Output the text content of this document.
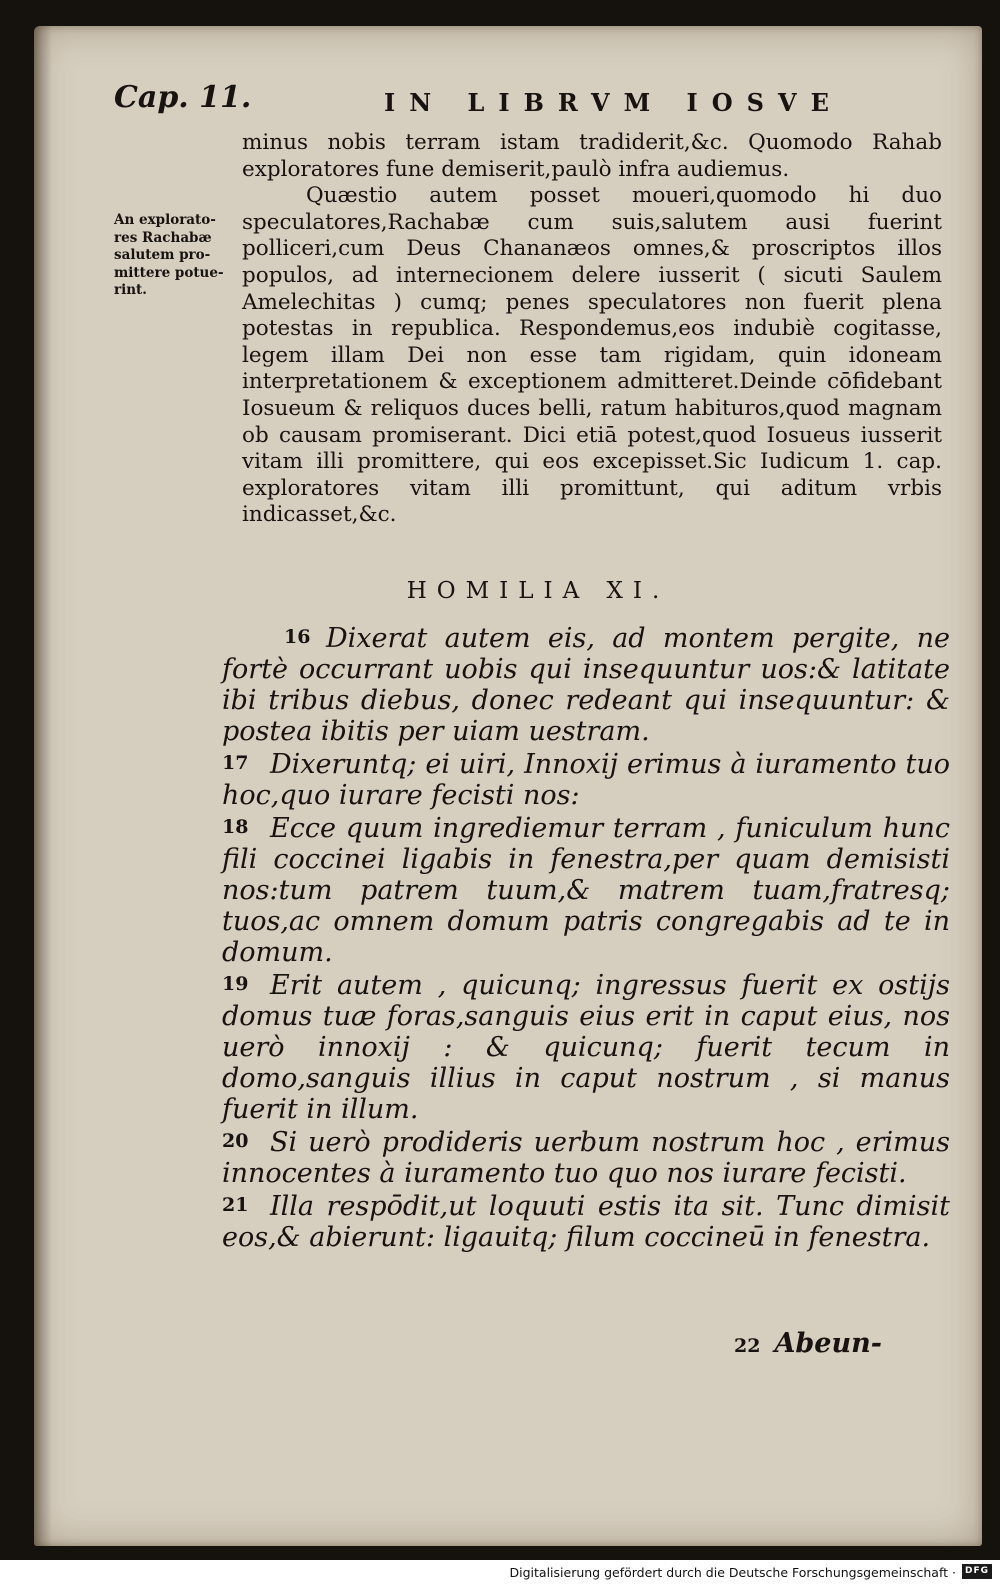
Cap. 11.	IN LIBRVM IOSVE
An explorato-res Rachabæ salutem pro-mittere potue-rint.

minus nobis terram istam tradiderit,&c. Quomodo Rahab exploratores fune demiserit,paulò infra audiemus.

Quæstio autem posset moueri,quomodo hi duo speculatores,Rachabæ cum suis,salutem ausi fuerint polliceri,cum Deus Chananæos omnes,& proscriptos illos populos, ad internecionem delere iusserit ( sicuti Saulem Amelechitas ) cumq; penes speculatores non fuerit plena potestas in republica. Respondemus,eos indubiè cogitasse, legem illam Dei non esse tam rigidam, quin idoneam interpretationem & exceptionem admitteret.Deinde cōfidebant Iosueum & reliquos duces belli, ratum habituros,quod magnam ob causam promiserant. Dici etiā potest,quod Iosueus iusserit vitam illi promittere, qui eos excepisset.Sic Iudicum 1. cap. exploratores vitam illi promittunt, qui aditum vrbis indicasset,&c.

HOMILIA XI.

16 Dixerat autem eis, ad montem pergite, ne fortè occurrant uobis qui insequuntur uos:& latitate ibi tribus diebus, donec redeant qui insequuntur: & postea ibitis per uiam uestram.

17 Dixeruntq; ei uiri, Innoxij erimus à iuramento tuo hoc,quo iurare fecisti nos:

18 Ecce quum ingrediemur terram , funiculum hunc fili coccinei ligabis in fenestra,per quam demisisti nos:tum patrem tuum,& matrem tuam,fratresq; tuos,ac omnem domum patris congregabis ad te in domum.

19 Erit autem , quicunq; ingressus fuerit ex ostijs domus tuæ foras,sanguis eius erit in caput eius, nos uerò innoxij : & quicunq; fuerit tecum in domo,sanguis illius in caput nostrum , si manus fuerit in illum.

20 Si uerò prodideris uerbum nostrum hoc , erimus innocentes à iuramento tuo quo nos iurare fecisti.

21 Illa respōdit,ut loquuti estis ita sit. Tunc dimisit eos,& abierunt: ligauitq; filum coccineū in fenestra.

22 Abeun-
Digitalisierung gefördert durch die Deutsche Forschungsgemeinschaft · DFG
